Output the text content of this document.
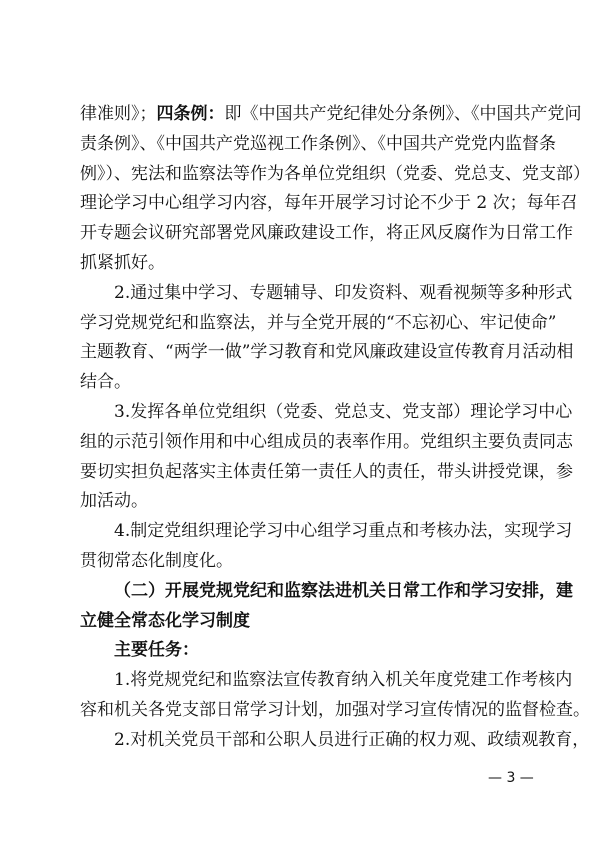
律准则》；四条例：即《中国共产党纪律处分条例》、《中国共产党问
责条例》、《中国共产党巡视工作条例》、《中国共产党党内监督条
例》）、宪法和监察法等作为各单位党组织（党委、党总支、党支部）
理论学习中心组学习内容，每年开展学习讨论不少于 2 次；每年召
开专题会议研究部署党风廉政建设工作，将正风反腐作为日常工作
抓紧抓好。
2.通过集中学习、专题辅导、印发资料、观看视频等多种形式
学习党规党纪和监察法，并与全党开展的“不忘初心、牢记使命”
主题教育、“两学一做”学习教育和党风廉政建设宣传教育月活动相
结合。
3.发挥各单位党组织（党委、党总支、党支部）理论学习中心
组的示范引领作用和中心组成员的表率作用。党组织主要负责同志
要切实担负起落实主体责任第一责任人的责任，带头讲授党课，参
加活动。
4.制定党组织理论学习中心组学习重点和考核办法，实现学习
贯彻常态化制度化。
（二）开展党规党纪和监察法进机关日常工作和学习安排，建
立健全常态化学习制度
主要任务：
容和机关各党支部日常学习计划，加强对学习宣传情况的监督检查。
2.对机关党员干部和公职人员进行正确的权力观、政绩观教育，
1.将党规党纪和监察法宣传教育纳入机关年度党建工作考核内
— 3 —
